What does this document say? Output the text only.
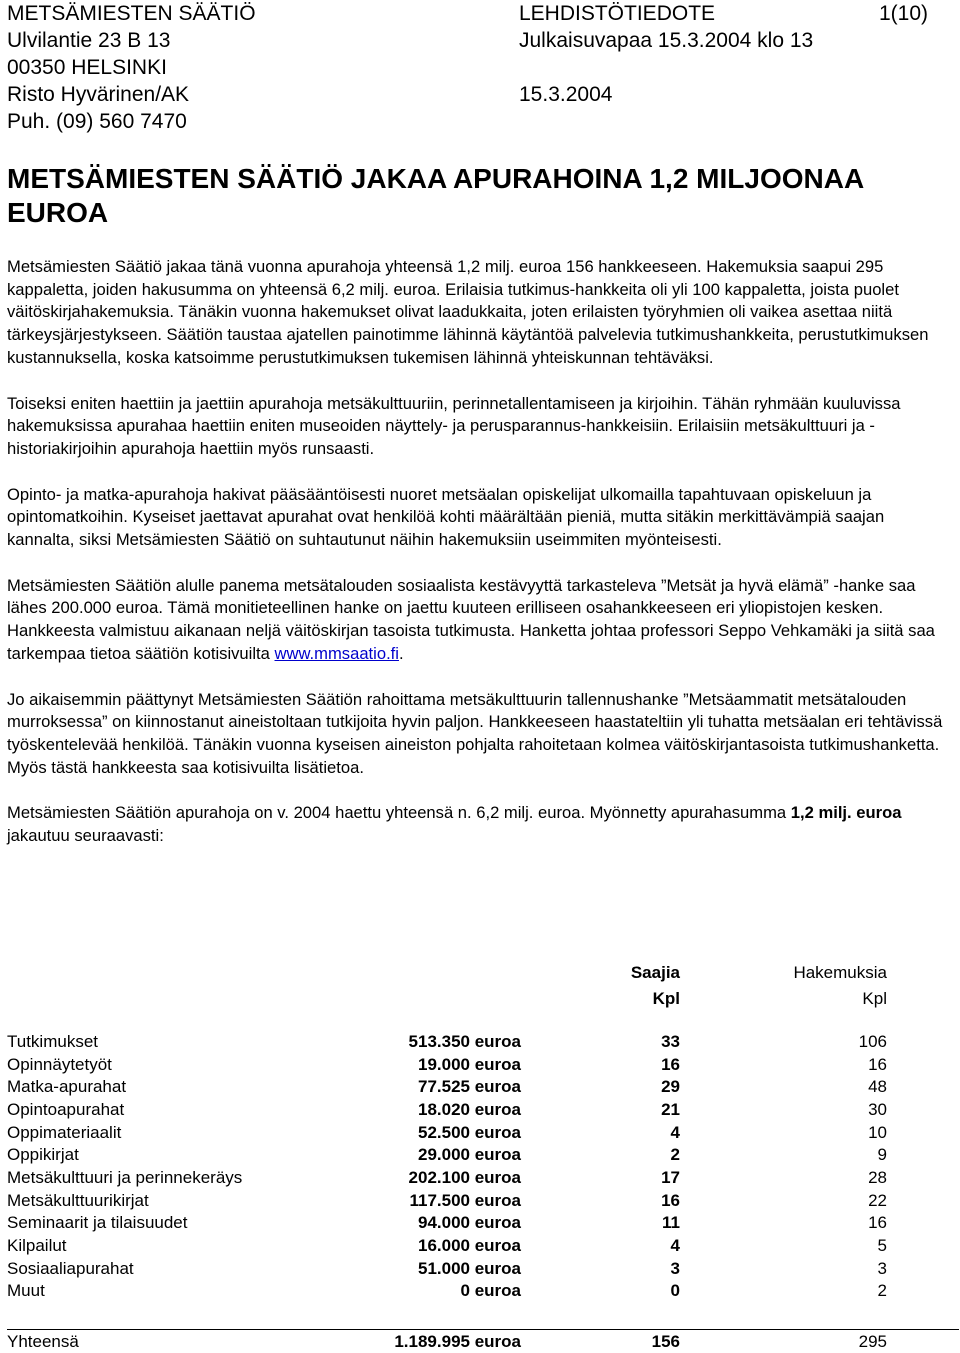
METSÄMIESTEN SÄÄTIÖ
Ulvilantie 23 B 13
00350 HELSINKI
Risto Hyvärinen/AK
Puh. (09) 560 7470
LEHDISTÖTIEDOTE
Julkaisuvapaa 15.3.2004 klo 13
15.3.2004
1(10)
METSÄMIESTEN SÄÄTIÖ JAKAA APURAHOINA 1,2 MILJOONAA EUROA

Metsämiesten Säätiö jakaa tänä vuonna apurahoja yhteensä 1,2 milj. euroa 156 hankkeeseen. Hakemuksia saapui 295 kappaletta, joiden hakusumma on yhteensä 6,2 milj. euroa. Erilaisia tutkimus-hankkeita oli yli 100 kappaletta, joista puolet väitöskirjahakemuksia. Tänäkin vuonna hakemukset olivat laadukkaita, joten erilaisten työryhmien oli vaikea asettaa niitä tärkeysjärjestykseen. Säätiön taustaa ajatellen painotimme lähinnä käytäntöä palvelevia tutkimushankkeita, perustutkimuksen kustannuksella, koska katsoimme perustutkimuksen tukemisen lähinnä yhteiskunnan tehtäväksi.

Toiseksi eniten haettiin ja jaettiin apurahoja metsäkulttuuriin, perinnetallentamiseen ja kirjoihin. Tähän ryhmään kuuluvissa hakemuksissa apurahaa haettiin eniten museoiden näyttely- ja perusparannus-hankkeisiin. Erilaisiin metsäkulttuuri ja -historiakirjoihin apurahoja haettiin myös runsaasti.

Opinto- ja matka-apurahoja hakivat pääsääntöisesti nuoret metsäalan opiskelijat ulkomailla tapahtuvaan opiskeluun ja opintomatkoihin. Kyseiset jaettavat apurahat ovat henkilöä kohti määrältään pieniä, mutta sitäkin merkittävämpiä saajan kannalta, siksi Metsämiesten Säätiö on suhtautunut näihin hakemuksiin useimmiten myönteisesti.

Metsämiesten Säätiön alulle panema metsätalouden sosiaalista kestävyyttä tarkasteleva ”Metsät ja hyvä elämä” -hanke saa lähes 200.000 euroa. Tämä monitieteellinen hanke on jaettu kuuteen erilliseen osahankkeeseen eri yliopistojen kesken. Hankkeesta valmistuu aikanaan neljä väitöskirjan tasoista tutkimusta. Hanketta johtaa professori Seppo Vehkamäki ja siitä saa tarkempaa tietoa säätiön kotisivuilta www.mmsaatio.fi.

Jo aikaisemmin päättynyt Metsämiesten Säätiön rahoittama metsäkulttuurin tallennushanke ”Metsäammatit metsätalouden murroksessa” on kiinnostanut aineistoltaan tutkijoita hyvin paljon. Hankkeeseen haastateltiin yli tuhatta metsäalan eri tehtävissä työskentelevää henkilöä. Tänäkin vuonna kyseisen aineiston pohjalta rahoitetaan kolmea väitöskirjantasoista tutkimushanketta. Myös tästä hankkeesta saa kotisivuilta lisätietoa.

Metsämiesten Säätiön apurahoja on v. 2004 haettu yhteensä n. 6,2 milj. euroa. Myönnetty apurahasumma 1,2 milj. euroa jakautuu seuraavasti:

Saajia	Hakemuksia
Kpl	Kpl
Tutkimukset	513.350 euroa	33	106
Opinnäytetyöt	19.000 euroa	16	16
Matka-apurahat	77.525 euroa	29	48
Opintoapurahat	18.020 euroa	21	30
Oppimateriaalit	52.500 euroa	4	10
Oppikirjat	29.000 euroa	2	9
Metsäkulttuuri ja perinnekeräys	202.100 euroa	17	28
Metsäkulttuurikirjat	117.500 euroa	16	22
Seminaarit ja tilaisuudet	94.000 euroa	11	16
Kilpailut	16.000 euroa	4	5
Sosiaaliapurahat	51.000 euroa	3	3
Muut	0 euroa	0	2
Yhteensä	1.189.995 euroa	156	295
